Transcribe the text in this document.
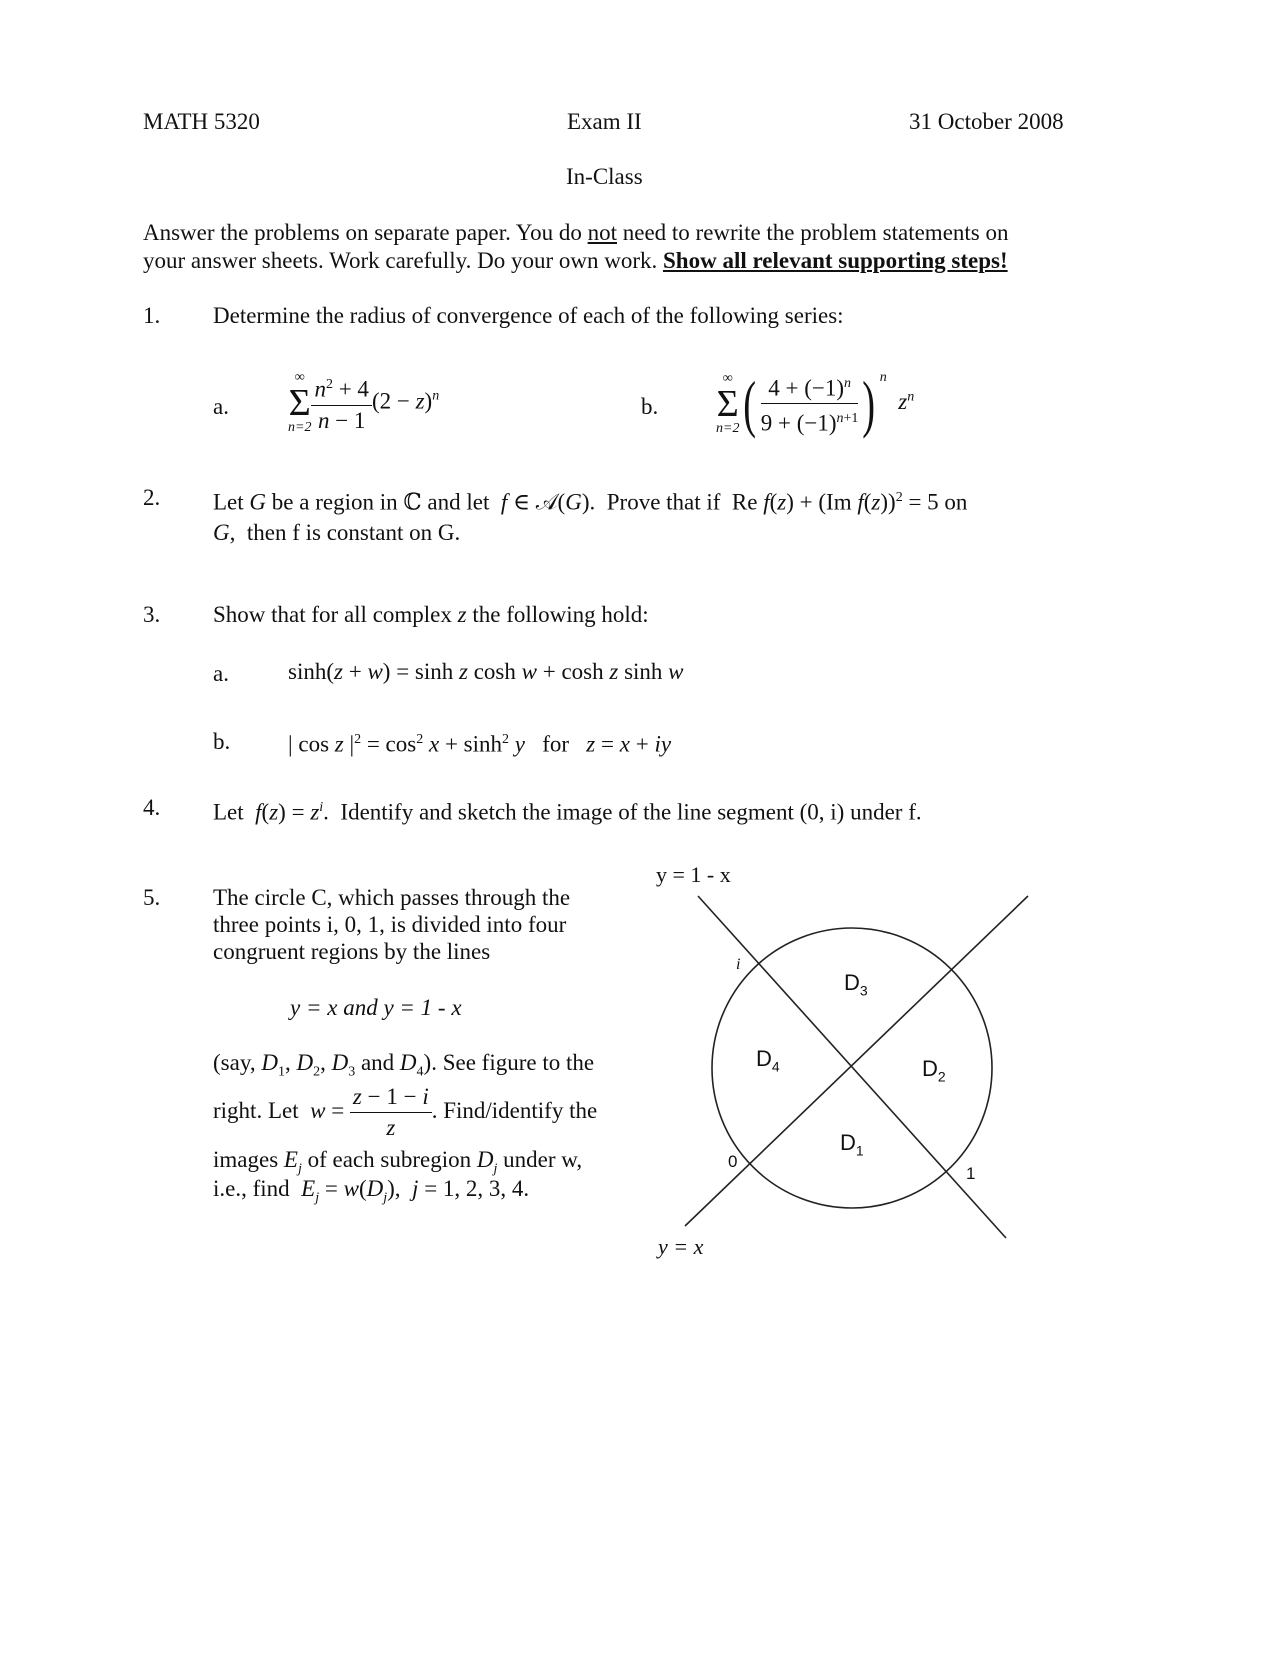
MATH 5320	Exam II	31 October 2008
In-Class
Answer the problems on separate paper. You do not need to rewrite the problem statements on
your answer sheets. Work carefully. Do your own work. Show all relevant supporting steps!
1. Determine the radius of convergence of each of the following series:
a.
∞
Σ
$n=2 \frac{n^2 + 4}{n - 1} (2 - z)^n$	b.
∞
Σ
n=2 ( $\frac{4 + (-1)^n}{9 + (-1)^{n+1}}$ ) $^n$  $z^n$
2. Let G be a region in ℂ and let  f ∈ 𝒜(G).  Prove that if  Re f(z) + (Im f(z))$^2$ = 5 on
G,  then f is constant on G.
3. Show that for all complex z the following hold:
a.	sinh(z + w) = sinh z cosh w + cosh z sinh w
b.	| cos z $|^2 = \cos^2 x + \sinh^2 y$   for   z = x + iy
4. Let  $f(z) = z^i$.  Identify and sketch the image of the line segment (0, i) under f.
5. The circle C, which passes through the
three points i, 0, 1, is divided into four
congruent regions by the lines
y = x and y = 1 - x
(say, $D_1$, $D_2$, $D_3$ and $D_4$). See figure to the
right. Let $w = \frac{z - 1 - i}{z}$ . Find/identify the
images $E_j$ of each subregion $D_j$ under w,
i.e., find $E_j = w(D_j)$,  j = 1, 2, 3, 4.
y = 1 - x
y = x
i
0
1
$D_3$
$D_2$
$D_4$
$D_1$
